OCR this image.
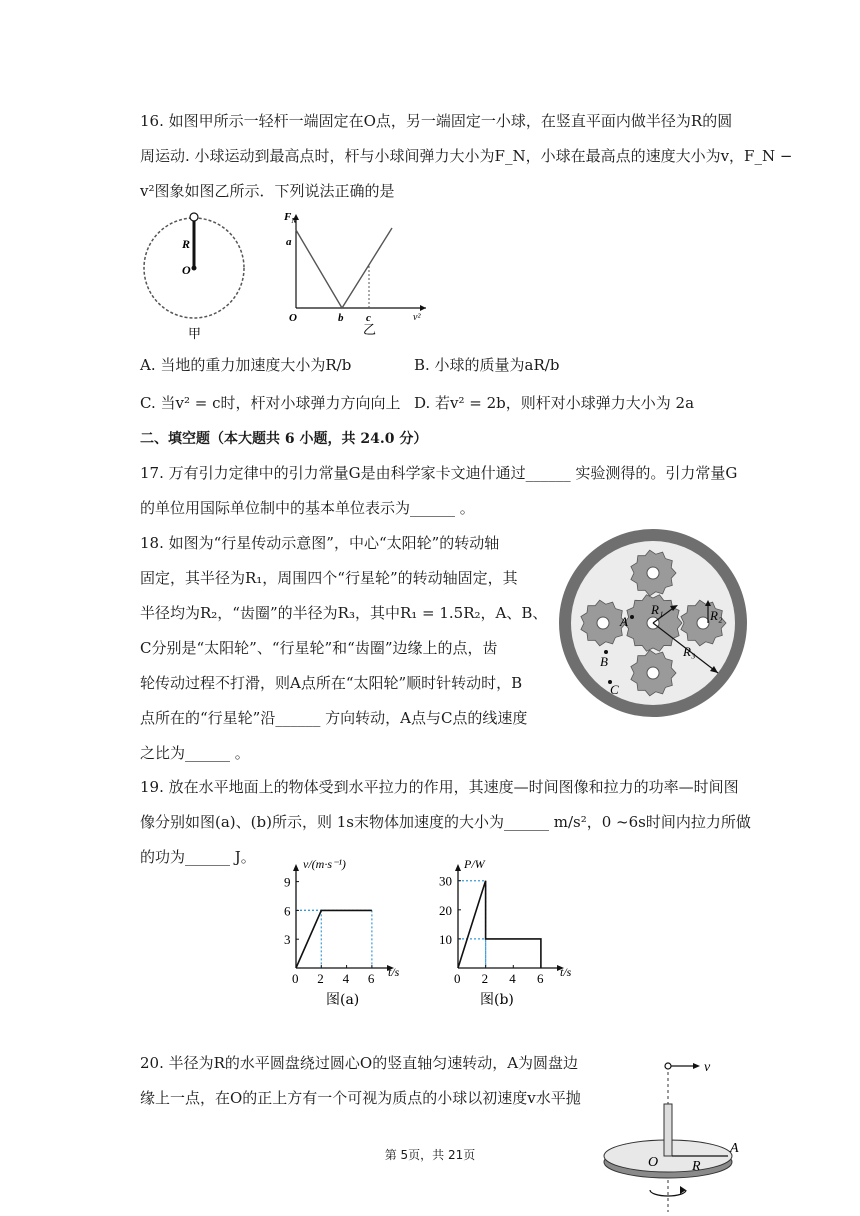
16. 如图甲所示一轻杆一端固定在O点，另一端固定一小球，在竖直平面内做半径为R的圆
周运动. 小球运动到最高点时，杆与小球间弹力大小为F_N，小球在最高点的速度大小为v，F_N −
v²图象如图乙所示．下列说法正确的是
R
O
甲
$F_N$
a
O	b c	v²
乙
A. 当地的重力加速度大小为R/b	B. 小球的质量为aR/b
C. 当v² = c时，杆对小球弹力方向向上 D. 若v² = 2b，则杆对小球弹力大小为 2a
二、填空题（本大题共 6 小题，共 24.0 分）
17. 万有引力定律中的引力常量G是由科学家卡文迪什通过______ 实验测得的。引力常量G
的单位用国际单位制中的基本单位表示为______ 。
18. 如图为“行星传动示意图”，中心“太阳轮”的转动轴
固定，其半径为R₁，周围四个“行星轮”的转动轴固定，其
半径均为R₂，“齿圈”的半径为R₃，其中R₁ = 1.5R₂，A、B、
C分别是“太阳轮”、“行星轮”和“齿圈”边缘上的点，齿
轮传动过程不打滑，则A点所在“太阳轮”顺时针转动时，B
点所在的“行星轮”沿______ 方向转动，A点与C点的线速度
之比为______ 。
R₁	R₂
R₃
A
B
C
19. 放在水平地面上的物体受到水平拉力的作用，其速度—时间图像和拉力的功率—时间图
像分别如图(a)、(b)所示，则 1s末物体加速度的大小为______ m/s²，0 ~6s时间内拉力所做
的功为______ J。
0 2 4 6
3
6
9
v/(m·s⁻¹)
t/s
图(a)
0 2 4 6
10
20
30
P/W
t/s
图(b)
20. 半径为R的水平圆盘绕过圆心O的竖直轴匀速转动，A为圆盘边
缘上一点，在O的正上方有一个可视为质点的小球以初速度v水平抛
v
O R
A
第 5页，共 21页
